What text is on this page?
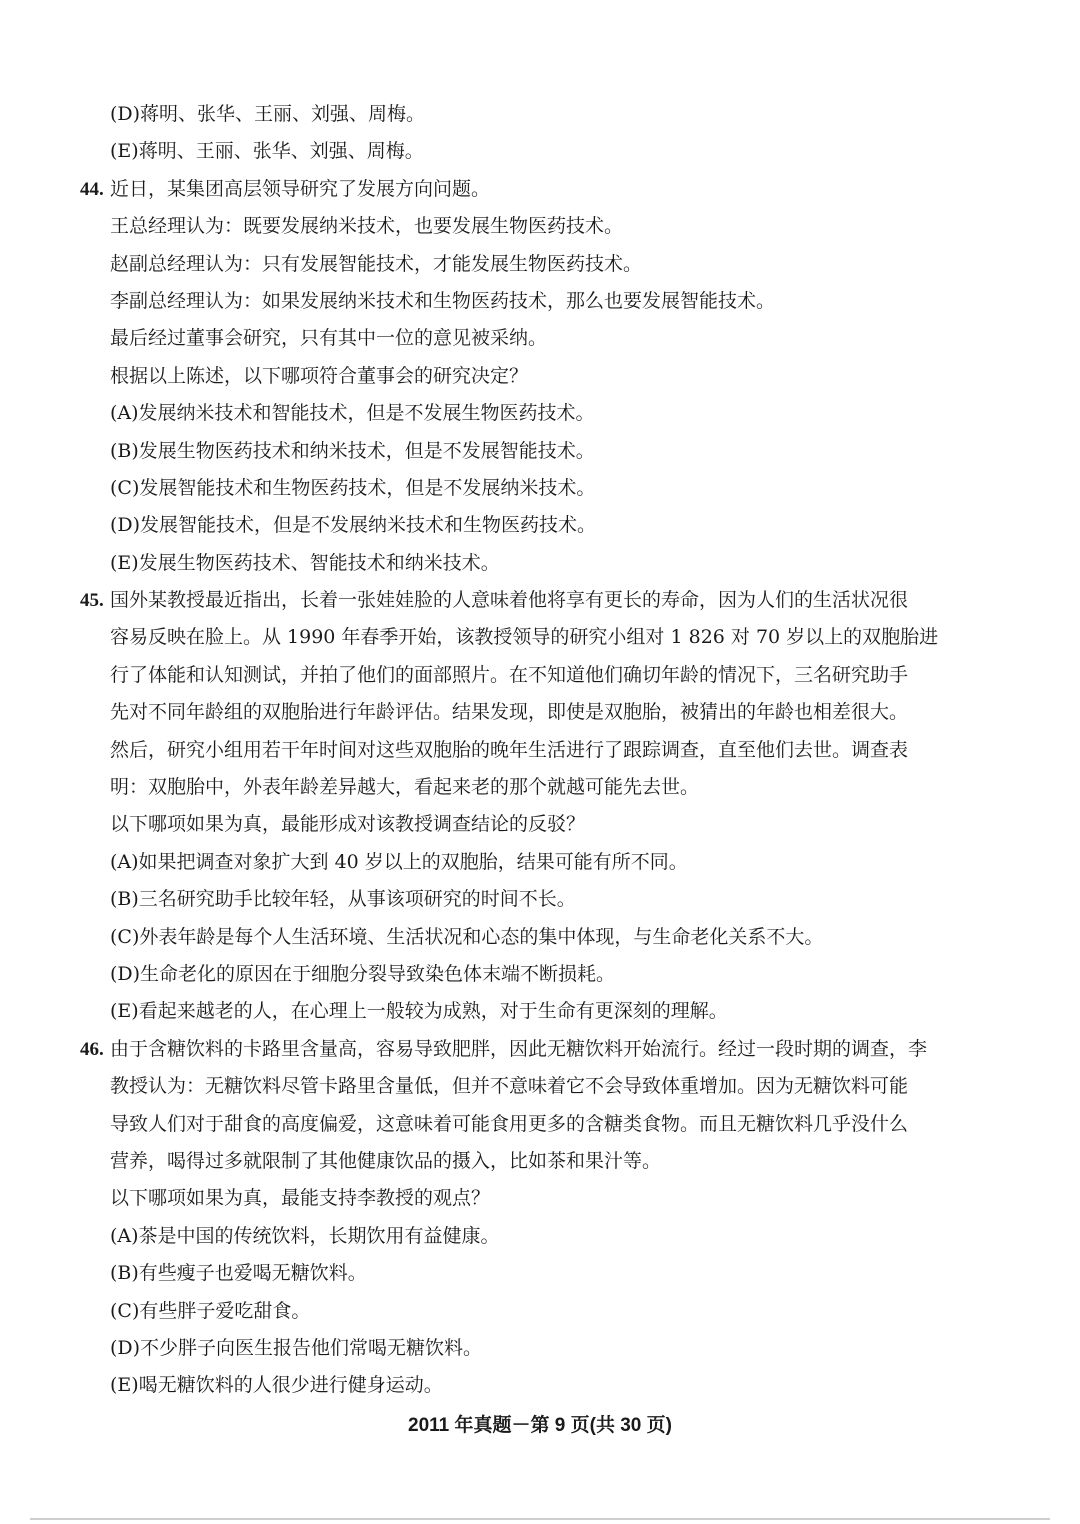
(D)蒋明、张华、王丽、刘强、周梅。
(E)蒋明、王丽、张华、刘强、周梅。
44. 近日，某集团高层领导研究了发展方向问题。
王总经理认为：既要发展纳米技术，也要发展生物医药技术。
赵副总经理认为：只有发展智能技术，才能发展生物医药技术。
李副总经理认为：如果发展纳米技术和生物医药技术，那么也要发展智能技术。
最后经过董事会研究，只有其中一位的意见被采纳。
根据以上陈述，以下哪项符合董事会的研究决定？
(A)发展纳米技术和智能技术，但是不发展生物医药技术。
(B)发展生物医药技术和纳米技术，但是不发展智能技术。
(C)发展智能技术和生物医药技术，但是不发展纳米技术。
(D)发展智能技术，但是不发展纳米技术和生物医药技术。
(E)发展生物医药技术、智能技术和纳米技术。
45. 国外某教授最近指出，长着一张娃娃脸的人意味着他将享有更长的寿命，因为人们的生活状况很
容易反映在脸上。从 1990 年春季开始，该教授领导的研究小组对 1 826 对 70 岁以上的双胞胎进
行了体能和认知测试，并拍了他们的面部照片。在不知道他们确切年龄的情况下，三名研究助手
先对不同年龄组的双胞胎进行年龄评估。结果发现，即使是双胞胎，被猜出的年龄也相差很大。
然后，研究小组用若干年时间对这些双胞胎的晚年生活进行了跟踪调查，直至他们去世。调查表
明：双胞胎中，外表年龄差异越大，看起来老的那个就越可能先去世。
以下哪项如果为真，最能形成对该教授调查结论的反驳？
(A)如果把调查对象扩大到 40 岁以上的双胞胎，结果可能有所不同。
(B)三名研究助手比较年轻，从事该项研究的时间不长。
(C)外表年龄是每个人生活环境、生活状况和心态的集中体现，与生命老化关系不大。
(D)生命老化的原因在于细胞分裂导致染色体末端不断损耗。
(E)看起来越老的人，在心理上一般较为成熟，对于生命有更深刻的理解。
46. 由于含糖饮料的卡路里含量高，容易导致肥胖，因此无糖饮料开始流行。经过一段时期的调查，李
教授认为：无糖饮料尽管卡路里含量低，但并不意味着它不会导致体重增加。因为无糖饮料可能
导致人们对于甜食的高度偏爱，这意味着可能食用更多的含糖类食物。而且无糖饮料几乎没什么
营养，喝得过多就限制了其他健康饮品的摄入，比如茶和果汁等。
以下哪项如果为真，最能支持李教授的观点？
(A)茶是中国的传统饮料，长期饮用有益健康。
(B)有些瘦子也爱喝无糖饮料。
(C)有些胖子爱吃甜食。
(D)不少胖子向医生报告他们常喝无糖饮料。
(E)喝无糖饮料的人很少进行健身运动。
2011 年真题－第 9 页(共 30 页)
